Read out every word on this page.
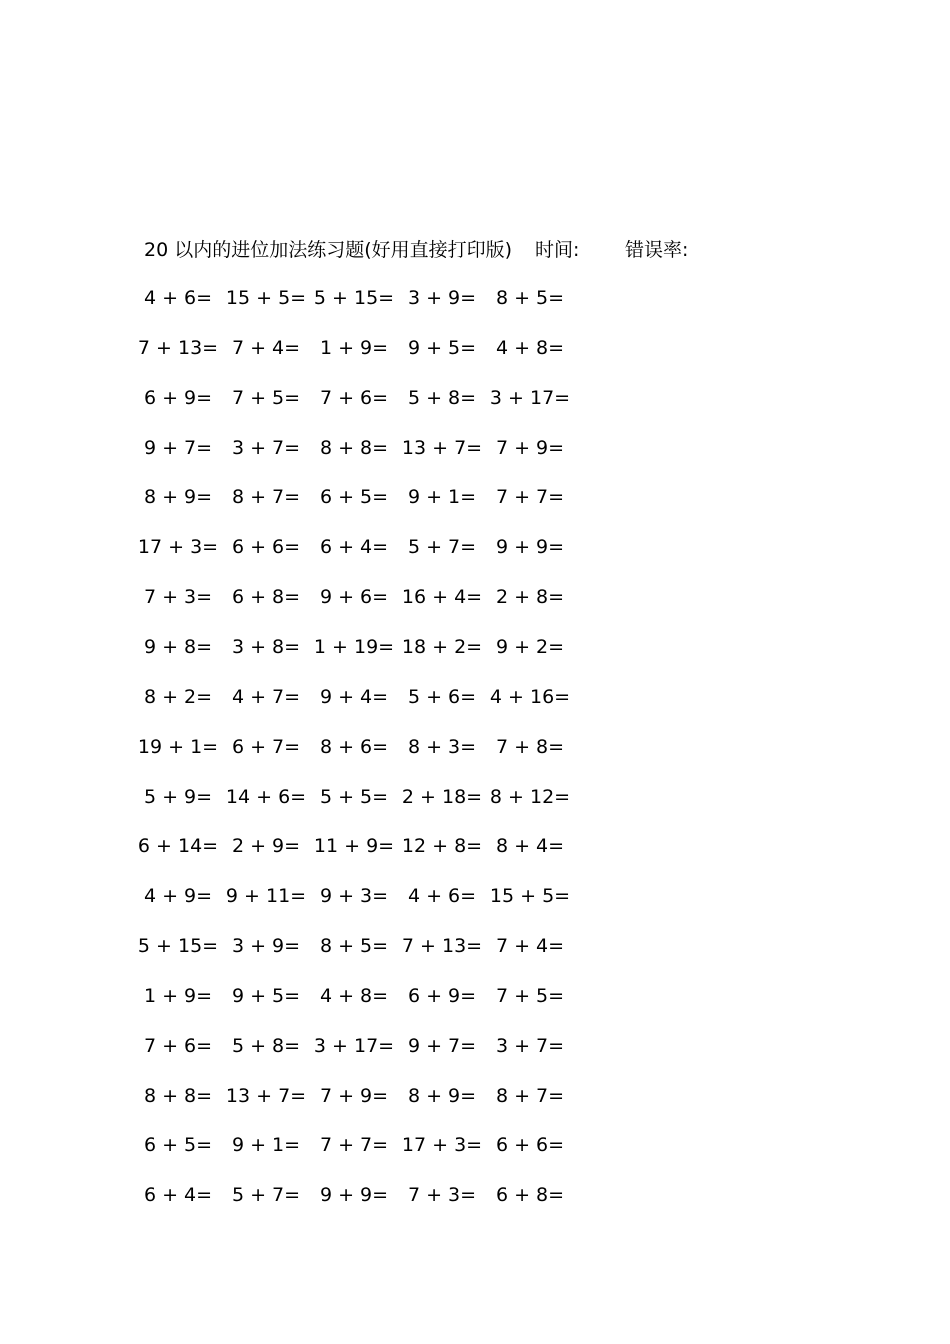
20 以内的进位加法练习题(好用直接打印版) 时间: 错误率:
4 + 6= 15 + 5= 5 + 15= 3 + 9=	8 + 5=
7 + 13= 7 + 4=	1 + 9=	9 + 5=	4 + 8=
6 + 9=	7 + 5=	7 + 6=	5 + 8= 3 + 17=
9 + 7=	3 + 7=	8 + 8= 13 + 7= 7 + 9=
8 + 9=	8 + 7=	6 + 5=	9 + 1=	7 + 7=
17 + 3= 6 + 6=	6 + 4=	5 + 7=	9 + 9=
7 + 3=	6 + 8=	9 + 6= 16 + 4= 2 + 8=
9 + 8=	3 + 8= 1 + 19= 18 + 2= 9 + 2=
8 + 2=	4 + 7=	9 + 4=	5 + 6= 4 + 16=
19 + 1= 6 + 7=	8 + 6=	8 + 3=	7 + 8=
5 + 9= 14 + 6= 5 + 5= 2 + 18= 8 + 12=
6 + 14= 2 + 9= 11 + 9= 12 + 8= 8 + 4=
4 + 9= 9 + 11= 9 + 3=	4 + 6= 15 + 5=
5 + 15= 3 + 9=	8 + 5= 7 + 13= 7 + 4=
1 + 9=	9 + 5=	4 + 8=	6 + 9=	7 + 5=
7 + 6=	5 + 8= 3 + 17= 9 + 7=	3 + 7=
8 + 8= 13 + 7= 7 + 9=	8 + 9=	8 + 7=
6 + 5=	9 + 1=	7 + 7= 17 + 3= 6 + 6=
6 + 4=	5 + 7=	9 + 9=	7 + 3=	6 + 8=
